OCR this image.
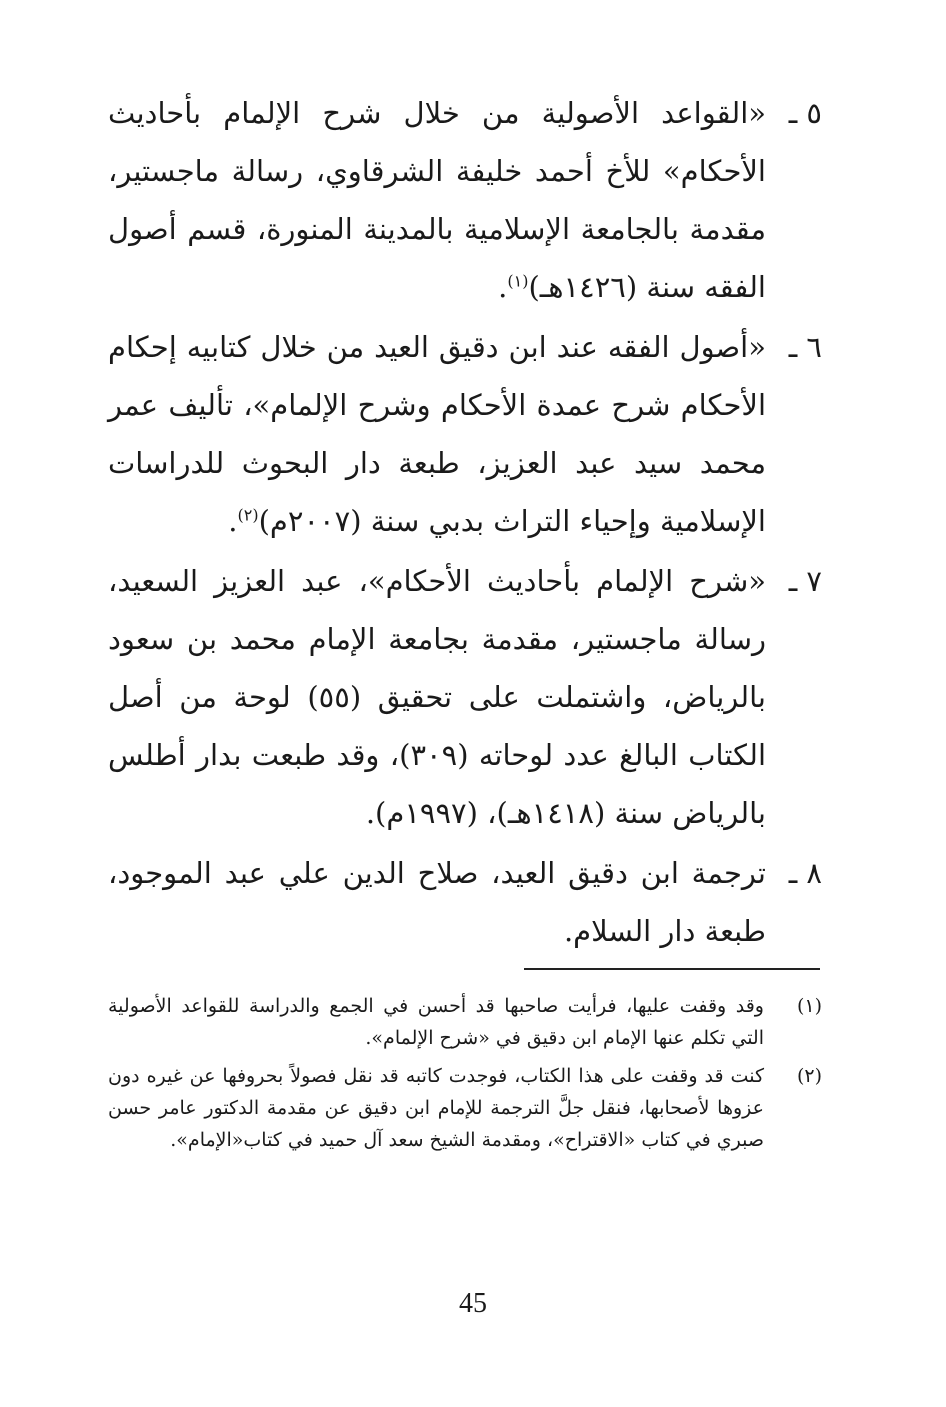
٥ ـ
«القواعد الأصولية من خلال شرح الإلمام بأحاديث الأحكام» للأخ أحمد خليفة الشرقاوي، رسالة ماجستير، مقدمة بالجامعة الإسلامية بالمدينة المنورة، قسم أصول الفقه سنة (١٤٢٦هـ)$^{(١)}$.
٦ ـ
«أصول الفقه عند ابن دقيق العيد من خلال كتابيه إحكام الأحكام شرح عمدة الأحكام وشرح الإلمام»، تأليف عمر محمد سيد عبد العزيز، طبعة دار البحوث للدراسات الإسلامية وإحياء التراث بدبي سنة (٢٠٠٧م)$^{(٢)}$.
٧ ـ
«شرح الإلمام بأحاديث الأحكام»، عبد العزيز السعيد، رسالة ماجستير، مقدمة بجامعة الإمام محمد بن سعود بالرياض، واشتملت على تحقيق (٥٥) لوحة من أصل الكتاب البالغ عدد لوحاته (٣٠٩)، وقد طبعت بدار أطلس بالرياض سنة (١٤١٨هـ)، (١٩٩٧م).
٨ ـ
ترجمة ابن دقيق العيد، صلاح الدين علي عبد الموجود، طبعة دار السلام.
(١)
وقد وقفت عليها، فرأيت صاحبها قد أحسن في الجمع والدراسة للقواعد الأصولية التي تكلم عنها الإمام ابن دقيق في «شرح الإلمام».
(٢)
كنت قد وقفت على هذا الكتاب، فوجدت كاتبه قد نقل فصولاً بحروفها عن غيره دون عزوها لأصحابها، فنقل جلَّ الترجمة للإمام ابن دقيق عن مقدمة الدكتور عامر حسن صبري في كتاب «الاقتراح»، ومقدمة الشيخ سعد آل حميد في كتاب«الإمام».
45
